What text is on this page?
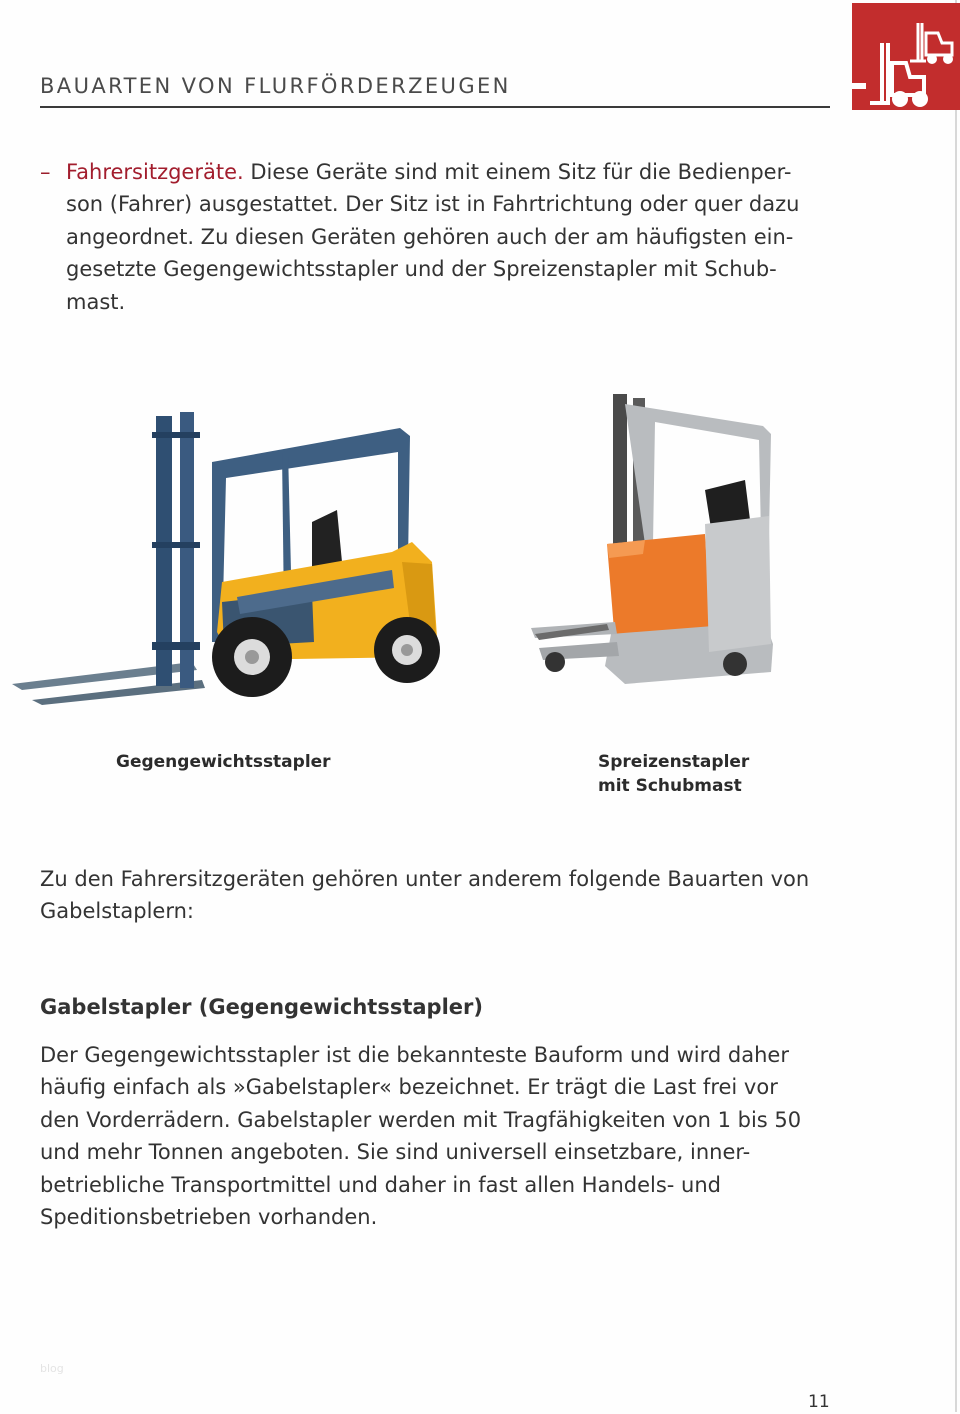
BAUARTEN VON FLURFÖRDERZEUGEN
– Fahrersitzgeräte. Diese Geräte sind mit einem Sitz für die Bedienper-
son (Fahrer) ausgestattet. Der Sitz ist in Fahrtrichtung oder quer dazu
angeordnet. Zu diesen Geräten gehören auch der am häufigsten ein-
gesetzte Gegengewichtsstapler und der Spreizenstapler mit Schub-
mast.
Gegengewichtsstapler	Spreizenstapler
mit Schubmast
Zu den Fahrersitzgeräten gehören unter anderem folgende Bauarten von
Gabelstaplern:
Gabelstapler (Gegengewichtsstapler)
Der Gegengewichtsstapler ist die bekannteste Bauform und wird daher
häufig einfach als »Gabelstapler« bezeichnet. Er trägt die Last frei vor
den Vorderrädern. Gabelstapler werden mit Tragfähigkeiten von 1 bis 50
und mehr Tonnen angeboten. Sie sind universell einsetzbare, inner-
betriebliche Transportmittel und daher in fast allen Handels- und
Speditionsbetrieben vorhanden.
blog
11
